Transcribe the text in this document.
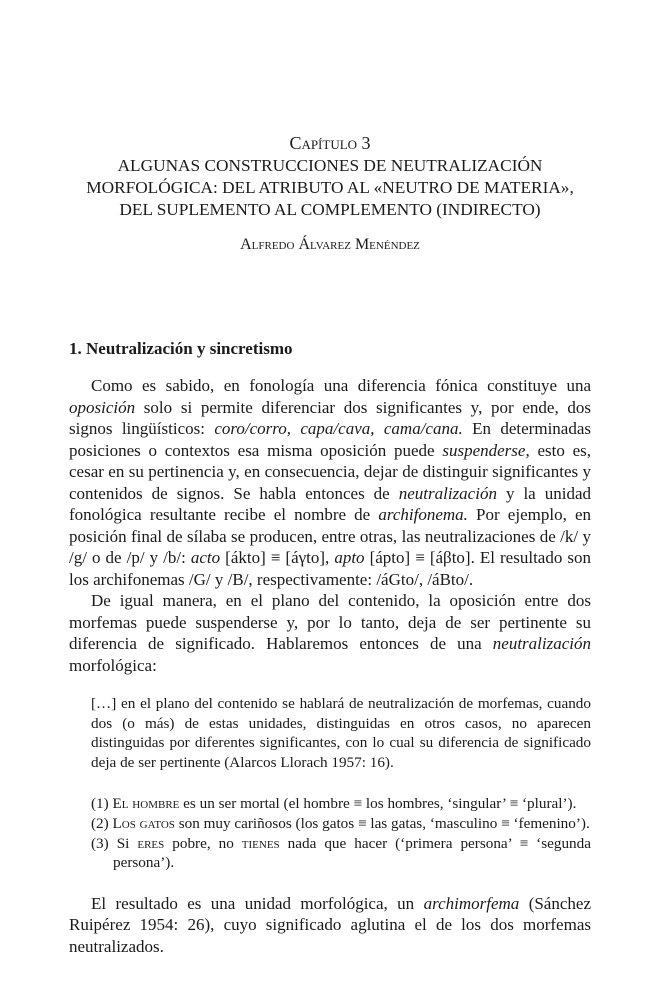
Capítulo 3
ALGUNAS CONSTRUCCIONES DE NEUTRALIZACIÓN
MORFOLÓGICA: DEL ATRIBUTO AL «NEUTRO DE MATERIA»,
DEL SUPLEMENTO AL COMPLEMENTO (INDIRECTO)
Alfredo Álvarez Menéndez
1. Neutralización y sincretismo

Como es sabido, en fonología una diferencia fónica constituye una oposición solo si permite diferenciar dos significantes y, por ende, dos signos lingüísticos: coro/corro, capa/cava, cama/cana. En determinadas posiciones o contextos esa misma oposición puede suspenderse, esto es, cesar en su pertinencia y, en consecuencia, dejar de distinguir significantes y contenidos de signos. Se habla entonces de neutralización y la unidad fonológica resultante recibe el nombre de archifonema. Por ejemplo, en posición final de sílaba se producen, entre otras, las neutralizaciones de /k/ y /g/ o de /p/ y /b/: acto [ákto] ≡ [áγto], apto [ápto] ≡ [áβto]. El resultado son los archifonemas /G/ y /B/, respectivamente: /áGto/, /áBto/.

De igual manera, en el plano del contenido, la oposición entre dos morfemas puede suspenderse y, por lo tanto, deja de ser pertinente su diferencia de significado. Hablaremos entonces de una neutralización morfológica:

[…] en el plano del contenido se hablará de neutralización de morfemas, cuando dos (o más) de estas unidades, distinguidas en otros casos, no aparecen distinguidas por diferentes significantes, con lo cual su diferencia de significado deja de ser pertinente (Alarcos Llorach 1957: 16).
(1) El hombre es un ser mortal (el hombre ≡ los hombres, ‘singular’ ≡ ‘plural’).
(2) Los gatos son muy cariñosos (los gatos ≡ las gatas, ‘masculino ≡ ‘femenino’).
(3) Si eres pobre, no tienes nada que hacer (‘primera persona’ ≡ ‘segunda persona’).

El resultado es una unidad morfológica, un archimorfema (Sánchez Ruipérez 1954: 26), cuyo significado aglutina el de los dos morfemas neutralizados.
